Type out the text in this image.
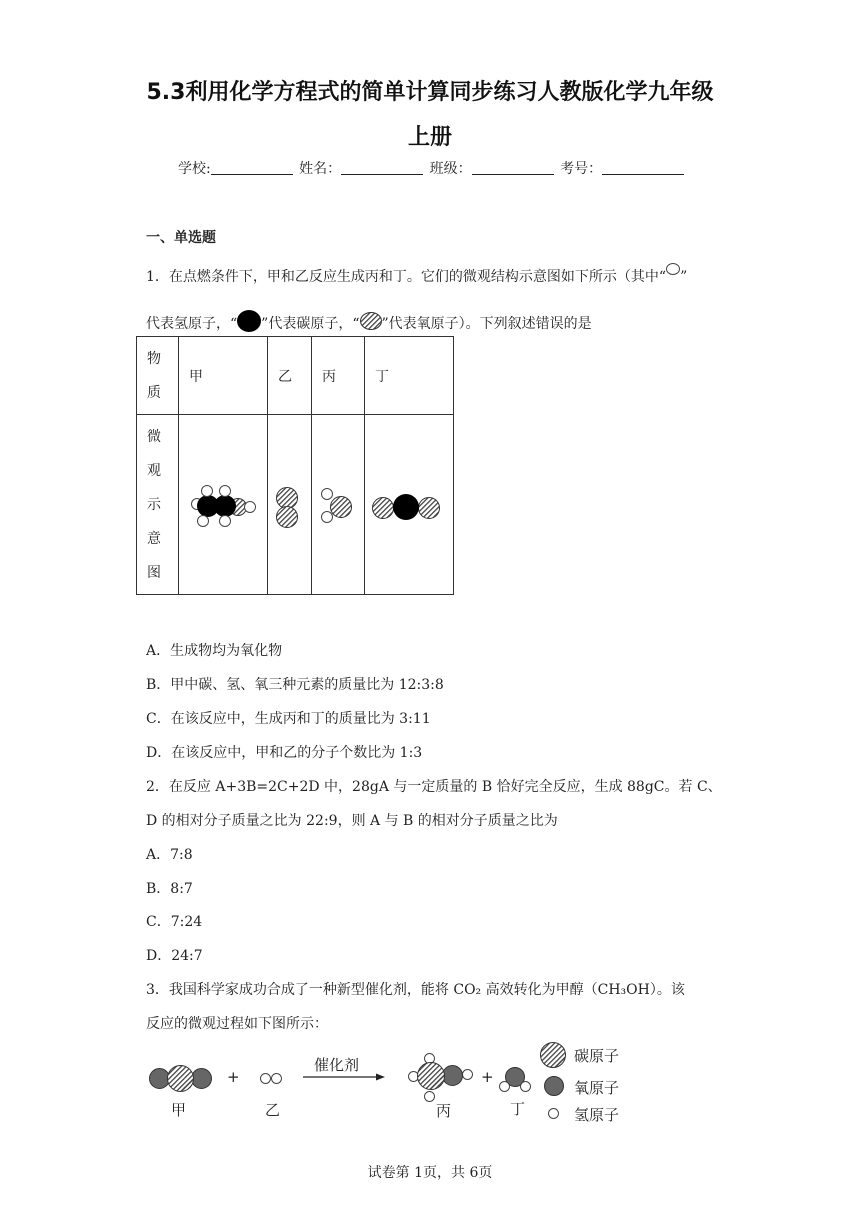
5.3利用化学方程式的简单计算同步练习人教版化学九年级
上册
学校:	姓名：	班级：	考号：
一、单选题
1．在点燃条件下，甲和乙反应生成丙和丁。它们的微观结构示意图如下所示（其中“ ”
代表氢原子，“ ”代表碳原子，“ ”代表氧原子）。下列叙述错误的是
物
质	甲	乙	丙	丁

微
观
示
意
图				

A．生成物均为氧化物
B．甲中碳、氢、氧三种元素的质量比为 12:3:8
C．在该反应中，生成丙和丁的质量比为 3:11
D．在该反应中，甲和乙的分子个数比为 1:3
2．在反应 A+3B=2C+2D 中，28gA 与一定质量的 B 恰好完全反应，生成 88gC。若 C、
D 的相对分子质量之比为 22:9，则 A 与 B 的相对分子质量之比为
A．7:8
B．8:7
C．7:24
D．24:7
3．我国科学家成功合成了一种新型催化剂，能将 CO₂ 高效转化为甲醇（CH₃OH）。该
反应的微观过程如下图所示：
甲
+
乙
催化剂
丙
+
丁
碳原子
氧原子
氢原子
试卷第 1页，共 6页
